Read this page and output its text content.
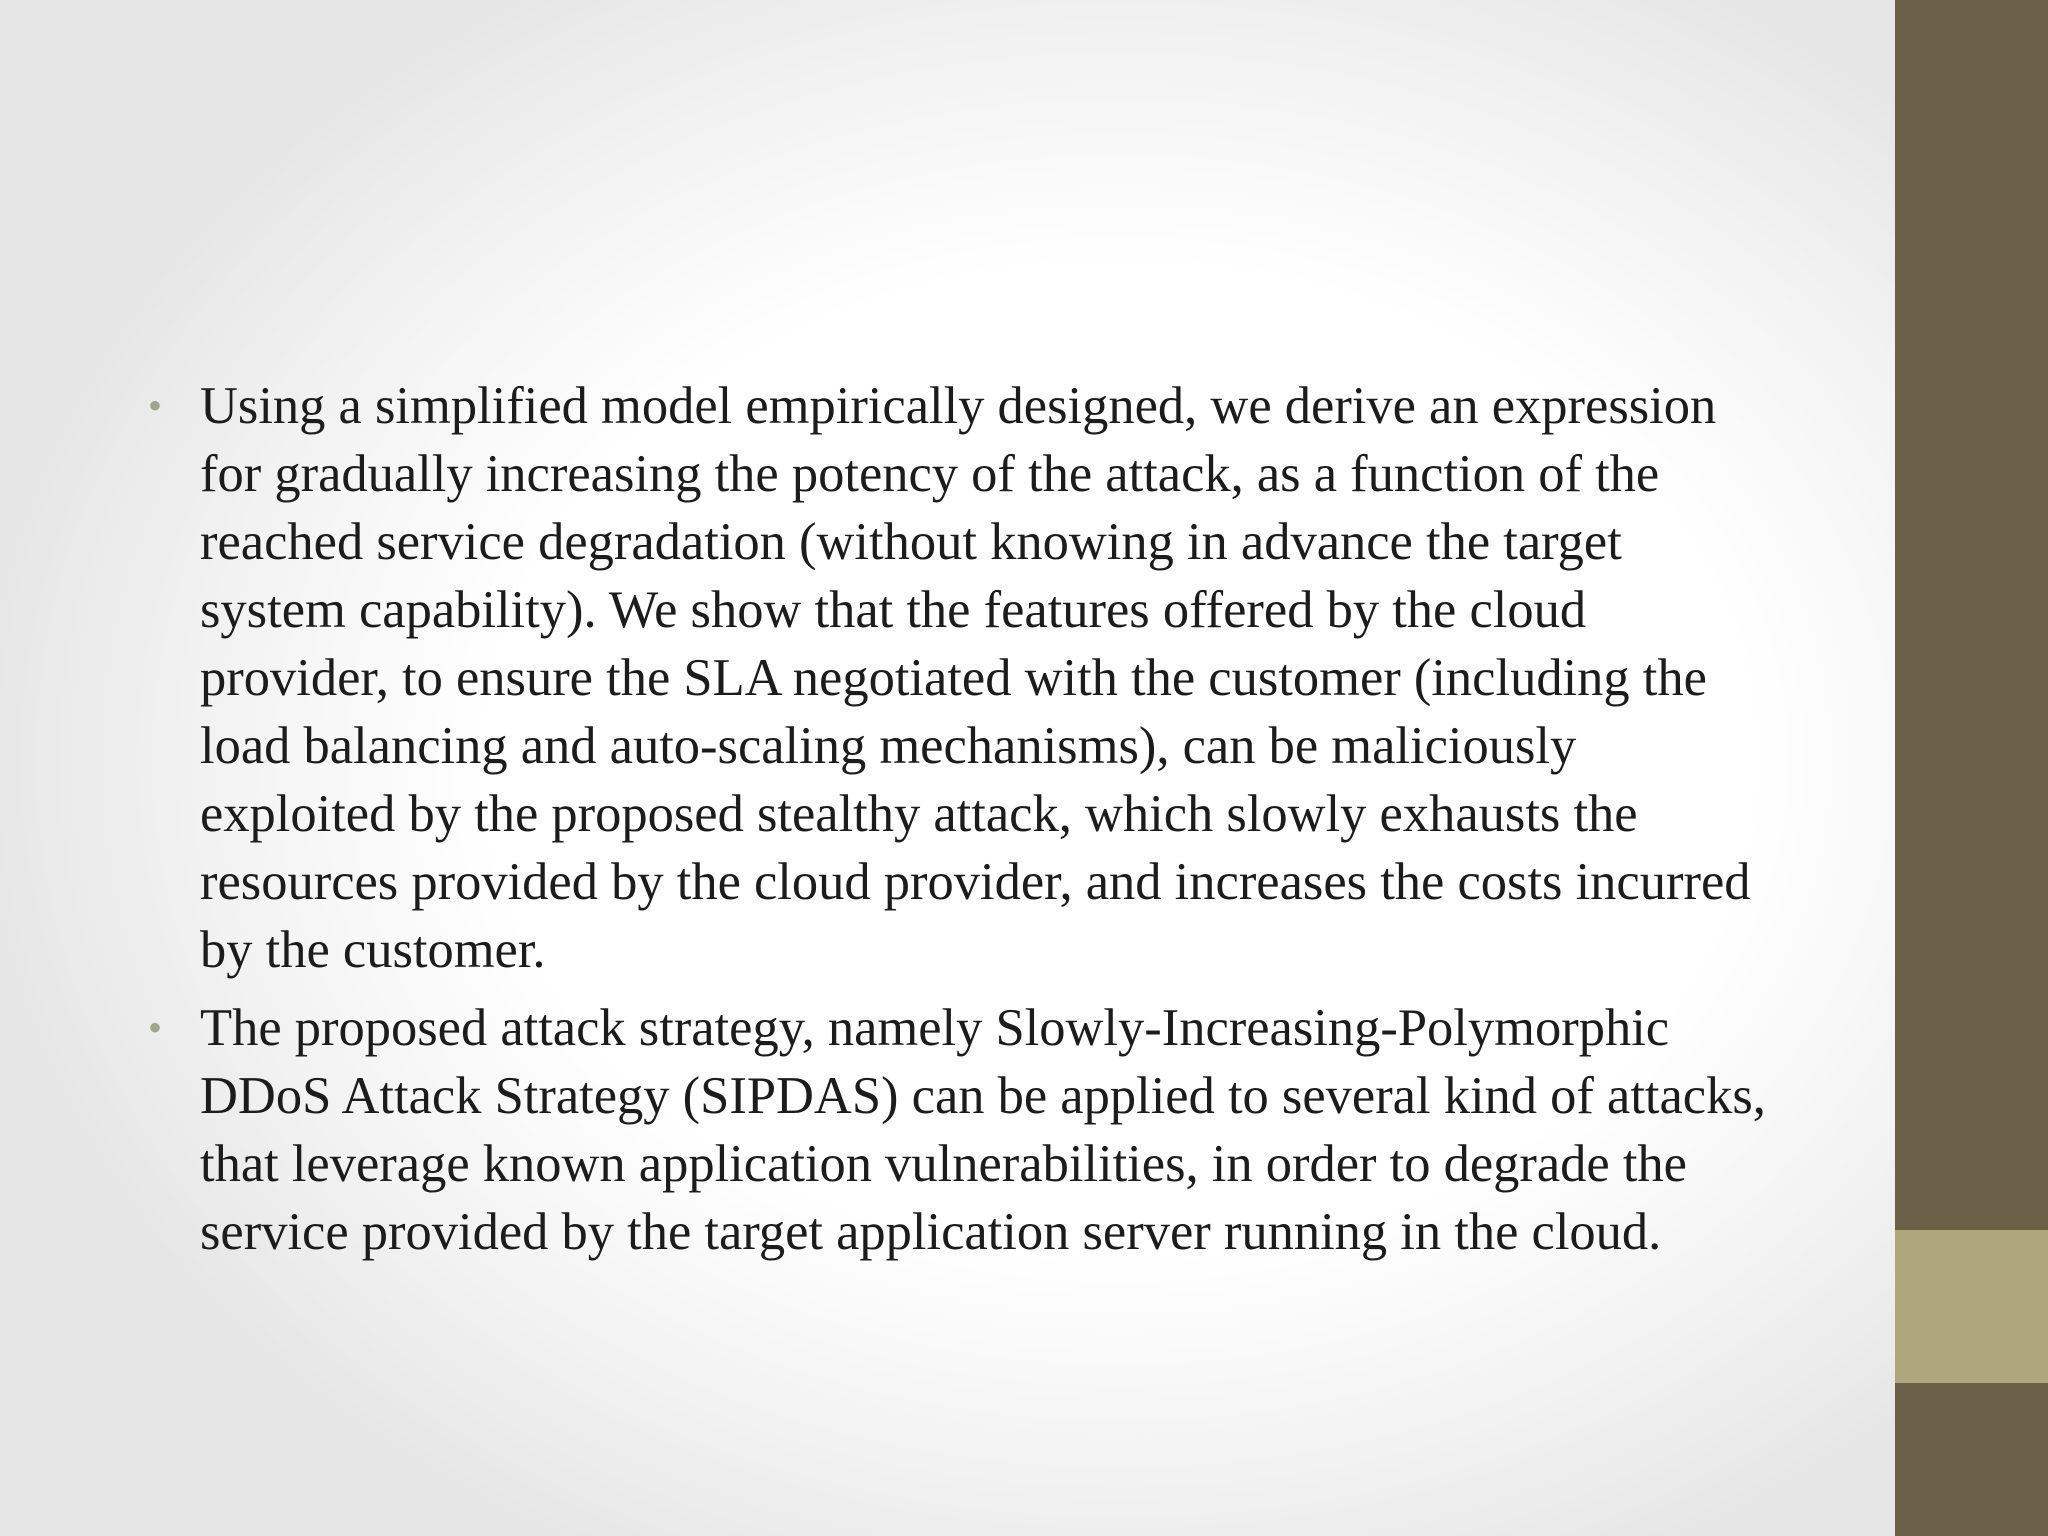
• Using a simplified model empirically designed, we derive an expression for gradually increasing the potency of the attack, as a function of the reached service degradation (without knowing in advance the target system capability). We show that the features offered by the cloud provider, to ensure the SLA negotiated with the customer (including the load balancing and auto-scaling mechanisms), can be maliciously exploited by the proposed stealthy attack, which slowly exhausts the resources provided by the cloud provider, and increases the costs incurred by the customer.
• The proposed attack strategy, namely Slowly-Increasing-Polymorphic DDoS Attack Strategy (SIPDAS) can be applied to several kind of attacks, that leverage known application vulnerabilities, in order to degrade the service provided by the target application server running in the cloud.
